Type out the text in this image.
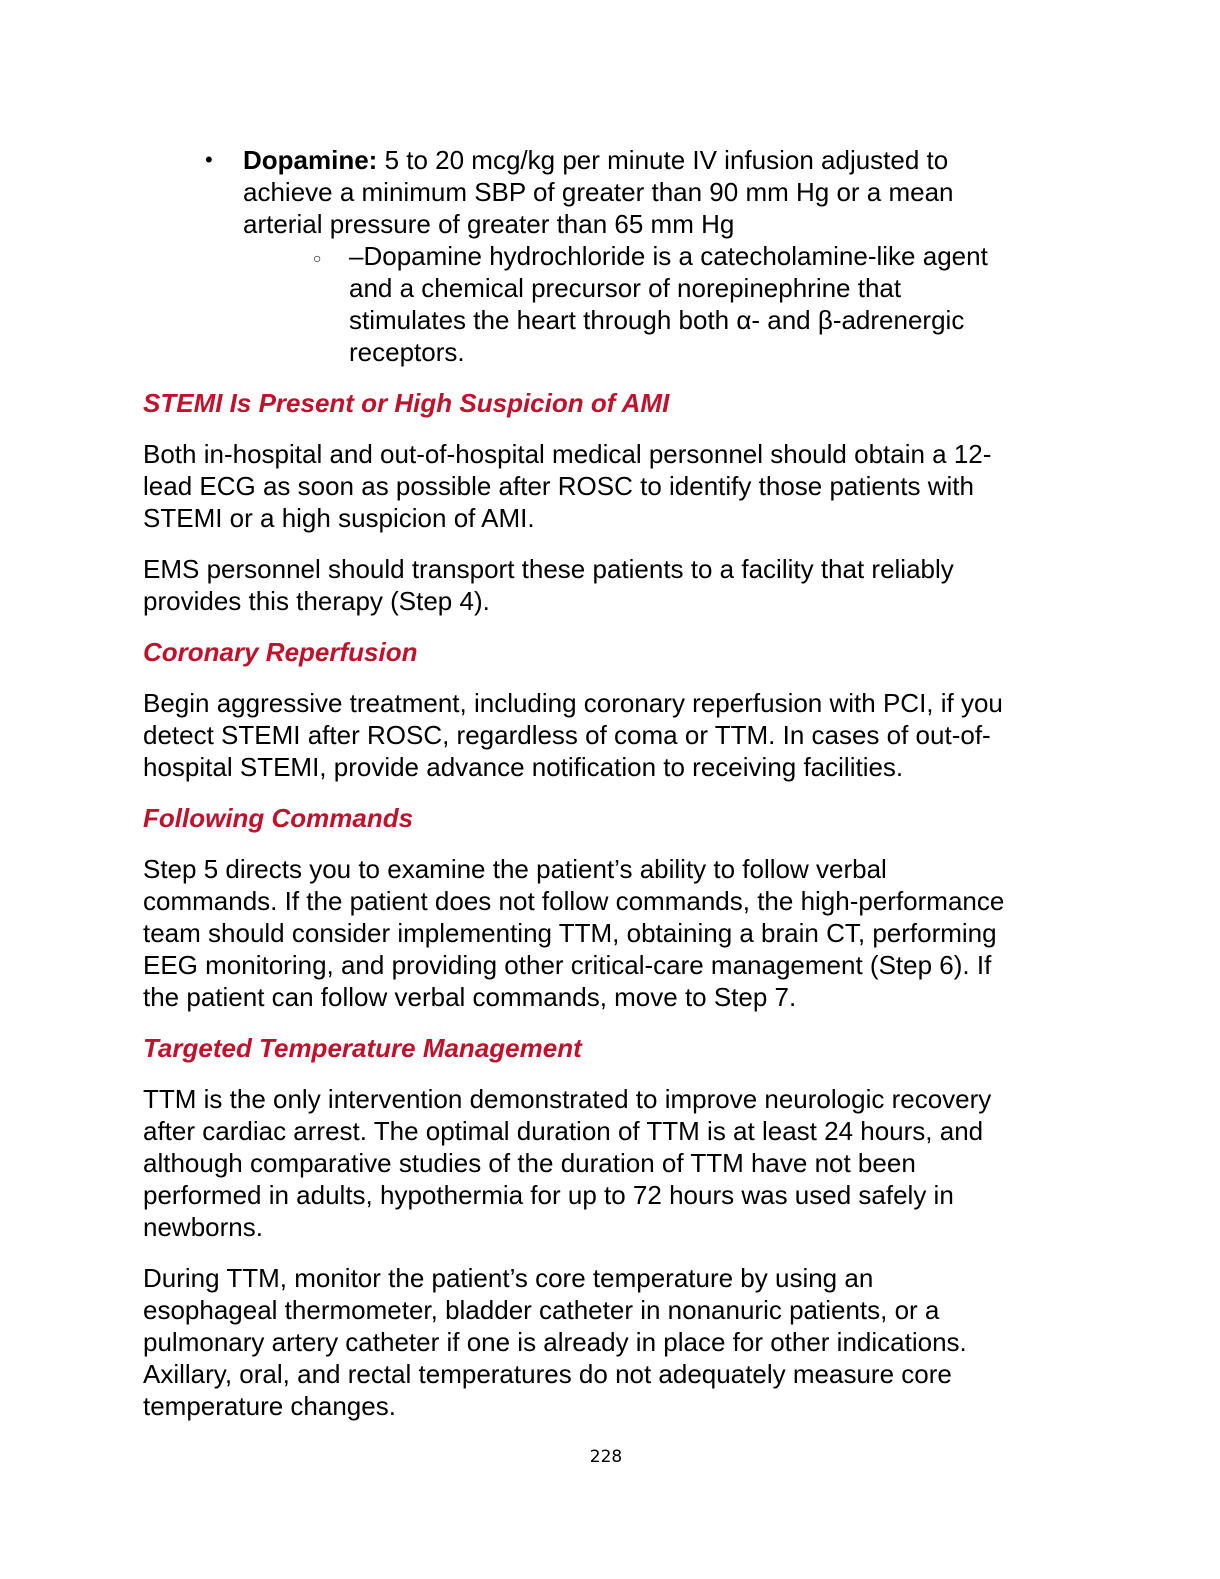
• Dopamine: 5 to 20 mcg/kg per minute IV infusion adjusted to
achieve a minimum SBP of greater than 90 mm Hg or a mean
arterial pressure of greater than 65 mm Hg
○ –Dopamine hydrochloride is a catecholamine-like agent
and a chemical precursor of norepinephrine that
stimulates the heart through both α- and β-adrenergic
receptors.
STEMI Is Present or High Suspicion of AMI

Both in-hospital and out-of-hospital medical personnel should obtain a 12-
lead ECG as soon as possible after ROSC to identify those patients with
STEMI or a high suspicion of AMI.

EMS personnel should transport these patients to a facility that reliably
provides this therapy (Step 4).

Coronary Reperfusion

Begin aggressive treatment, including coronary reperfusion with PCI, if you
detect STEMI after ROSC, regardless of coma or TTM. In cases of out-of-
hospital STEMI, provide advance notification to receiving facilities.

Following Commands

Step 5 directs you to examine the patient’s ability to follow verbal
commands. If the patient does not follow commands, the high-performance
team should consider implementing TTM, obtaining a brain CT, performing
EEG monitoring, and providing other critical-care management (Step 6). If
the patient can follow verbal commands, move to Step 7.

Targeted Temperature Management

TTM is the only intervention demonstrated to improve neurologic recovery
after cardiac arrest. The optimal duration of TTM is at least 24 hours, and
although comparative studies of the duration of TTM have not been
performed in adults, hypothermia for up to 72 hours was used safely in
newborns.

During TTM, monitor the patient’s core temperature by using an
esophageal thermometer, bladder catheter in nonanuric patients, or a
pulmonary artery catheter if one is already in place for other indications.
Axillary, oral, and rectal temperatures do not adequately measure core
temperature changes.

228
